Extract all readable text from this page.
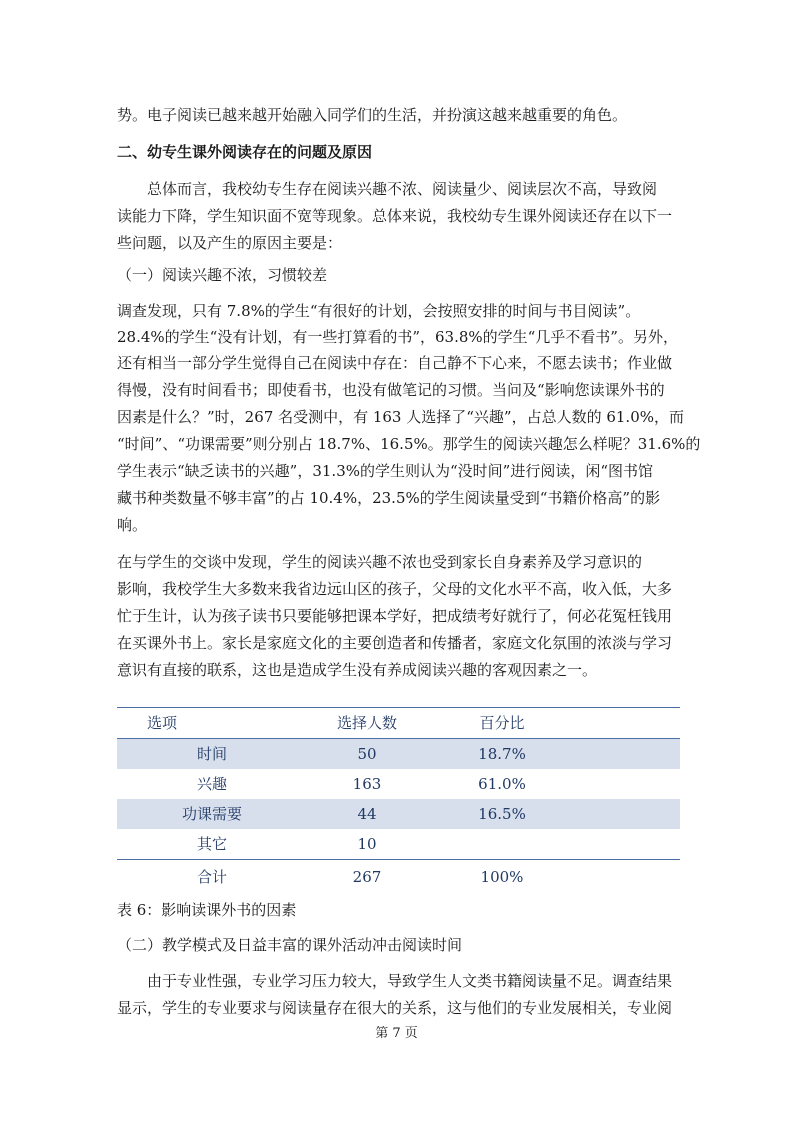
势。电子阅读已越来越开始融入同学们的生活，并扮演这越来越重要的角色。
二、幼专生课外阅读存在的问题及原因
总体而言，我校幼专生存在阅读兴趣不浓、阅读量少、阅读层次不高，导致阅
读能力下降，学生知识面不宽等现象。总体来说，我校幼专生课外阅读还存在以下一
些问题，以及产生的原因主要是：
（一）阅读兴趣不浓，习惯较差
调查发现，只有 7.8%的学生“有很好的计划，会按照安排的时间与书目阅读”。
28.4%的学生“没有计划，有一些打算看的书”，63.8%的学生“几乎不看书”。另外，
还有相当一部分学生觉得自己在阅读中存在：自己静不下心来，不愿去读书；作业做
得慢，没有时间看书；即使看书，也没有做笔记的习惯。当问及“影响您读课外书的
因素是什么？”时，267 名受测中，有 163 人选择了“兴趣”，占总人数的 61.0%，而
“时间”、“功课需要”则分别占 18.7%、16.5%。那学生的阅读兴趣怎么样呢？31.6%的
学生表示“缺乏读书的兴趣”，31.3%的学生则认为“没时间”进行阅读，闲“图书馆
藏书种类数量不够丰富”的占 10.4%，23.5%的学生阅读量受到“书籍价格高”的影
响。
在与学生的交谈中发现，学生的阅读兴趣不浓也受到家长自身素养及学习意识的
影响，我校学生大多数来我省边远山区的孩子，父母的文化水平不高，收入低，大多
忙于生计，认为孩子读书只要能够把课本学好，把成绩考好就行了，何必花冤枉钱用
在买课外书上。家长是家庭文化的主要创造者和传播者，家庭文化氛围的浓淡与学习
意识有直接的联系，这也是造成学生没有养成阅读兴趣的客观因素之一。
选项	选择人数	百分比
时间	50	18.7%
兴趣	163	61.0%
功课需要	44	16.5%
其它	10
合计	267	100%
表 6：影响读课外书的因素
（二）教学模式及日益丰富的课外活动冲击阅读时间
由于专业性强，专业学习压力较大，导致学生人文类书籍阅读量不足。调查结果
显示，学生的专业要求与阅读量存在很大的关系，这与他们的专业发展相关，专业阅
第 7 页
